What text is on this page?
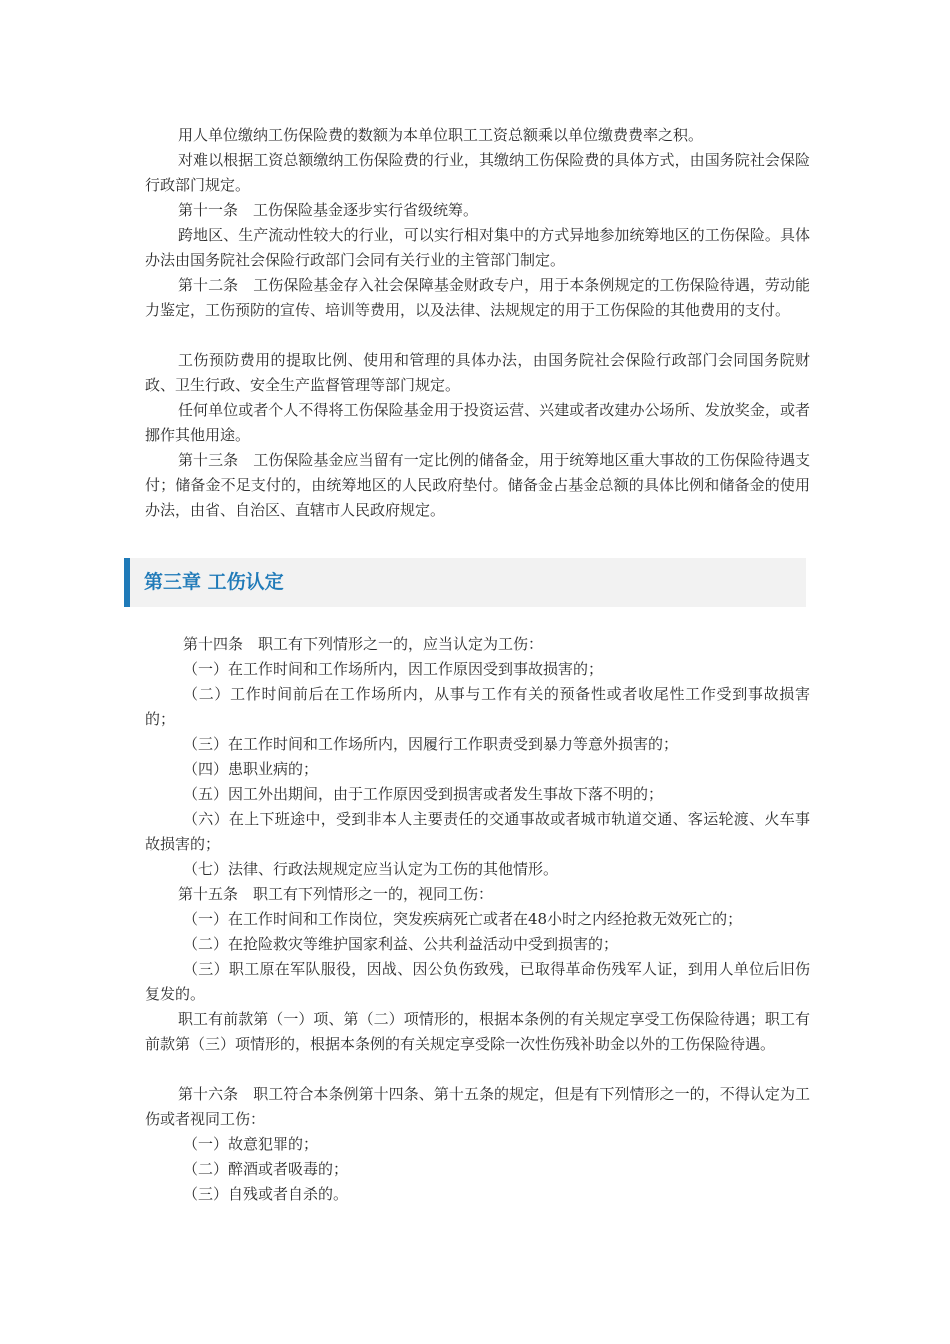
用人单位缴纳工伤保险费的数额为本单位职工工资总额乘以单位缴费费率之积。

对难以根据工资总额缴纳工伤保险费的行业，其缴纳工伤保险费的具体方式，由国务院社会保险行政部门规定。

第十一条　工伤保险基金逐步实行省级统筹。

跨地区、生产流动性较大的行业，可以实行相对集中的方式异地参加统筹地区的工伤保险。具体办法由国务院社会保险行政部门会同有关行业的主管部门制定。

第十二条　工伤保险基金存入社会保障基金财政专户，用于本条例规定的工伤保险待遇，劳动能力鉴定，工伤预防的宣传、培训等费用，以及法律、法规规定的用于工伤保险的其他费用的支付。

工伤预防费用的提取比例、使用和管理的具体办法，由国务院社会保险行政部门会同国务院财政、卫生行政、安全生产监督管理等部门规定。

任何单位或者个人不得将工伤保险基金用于投资运营、兴建或者改建办公场所、发放奖金，或者挪作其他用途。

第十三条　工伤保险基金应当留有一定比例的储备金，用于统筹地区重大事故的工伤保险待遇支付；储备金不足支付的，由统筹地区的人民政府垫付。储备金占基金总额的具体比例和储备金的使用办法，由省、自治区、直辖市人民政府规定。

第三章 工伤认定

第十四条　职工有下列情形之一的，应当认定为工伤：

（一）在工作时间和工作场所内，因工作原因受到事故损害的；

（二）工作时间前后在工作场所内，从事与工作有关的预备性或者收尾性工作受到事故损害的；

（三）在工作时间和工作场所内，因履行工作职责受到暴力等意外损害的；

（四）患职业病的；

（五）因工外出期间，由于工作原因受到损害或者发生事故下落不明的；

（六）在上下班途中，受到非本人主要责任的交通事故或者城市轨道交通、客运轮渡、火车事故损害的；

（七）法律、行政法规规定应当认定为工伤的其他情形。

第十五条　职工有下列情形之一的，视同工伤：

（一）在工作时间和工作岗位，突发疾病死亡或者在48小时之内经抢救无效死亡的；

（二）在抢险救灾等维护国家利益、公共利益活动中受到损害的；

（三）职工原在军队服役，因战、因公负伤致残，已取得革命伤残军人证，到用人单位后旧伤复发的。

职工有前款第（一）项、第（二）项情形的，根据本条例的有关规定享受工伤保险待遇；职工有前款第（三）项情形的，根据本条例的有关规定享受除一次性伤残补助金以外的工伤保险待遇。

第十六条　职工符合本条例第十四条、第十五条的规定，但是有下列情形之一的，不得认定为工伤或者视同工伤：

（一）故意犯罪的；

（二）醉酒或者吸毒的；

（三）自残或者自杀的。
